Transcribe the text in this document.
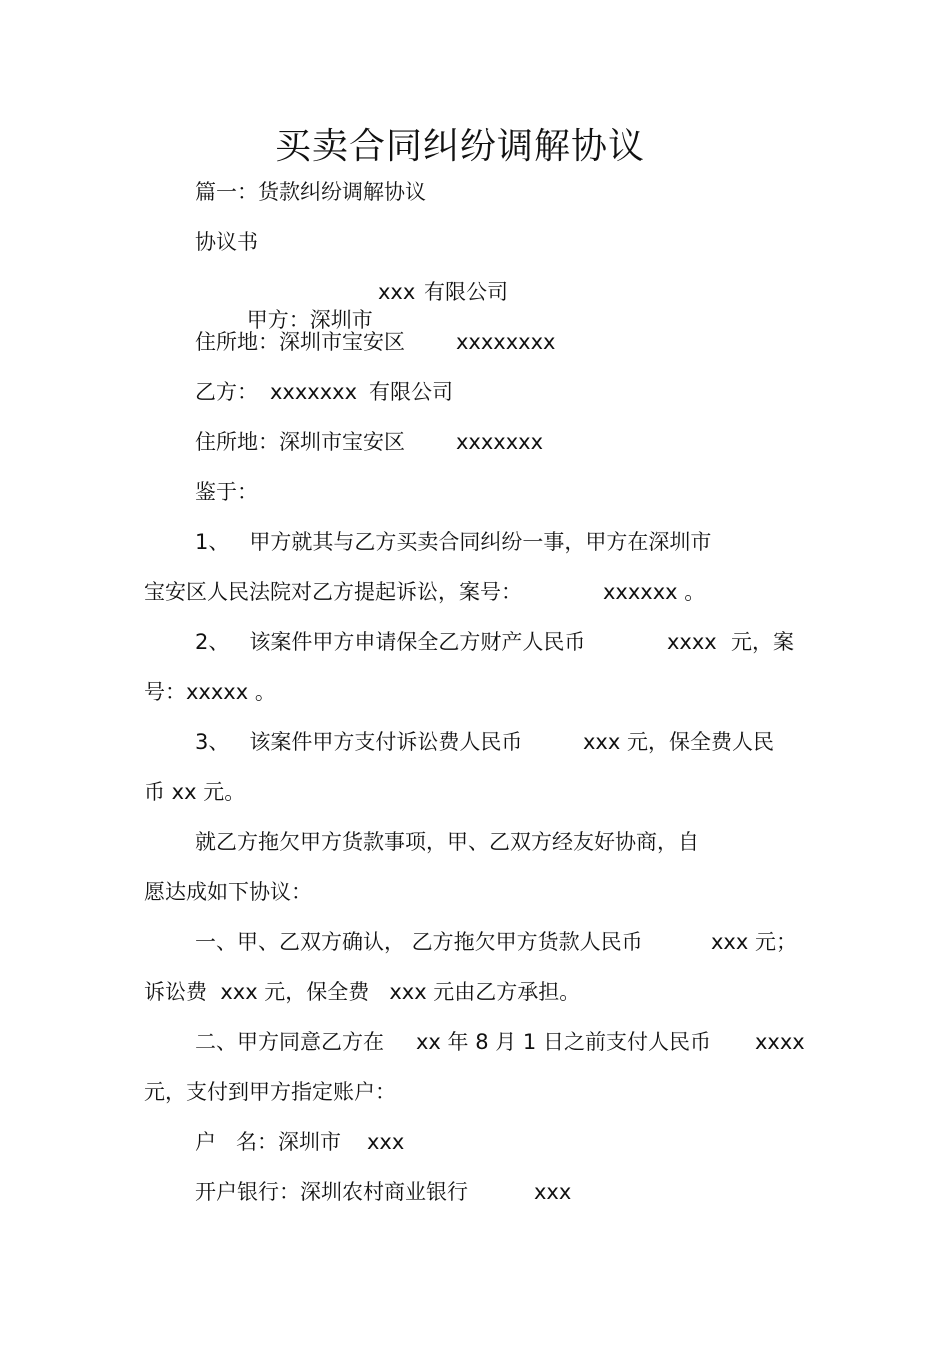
买卖合同纠纷调解协议
篇一：货款纠纷调解协议
协议书

甲方：深圳市

xxx 有限公司
住所地：深圳市宝安区 xxxxxxxx
乙方： xxxxxxx 有限公司
住所地：深圳市宝安区 xxxxxxx
鉴于：
1、   甲方就其与乙方买卖合同纠纷一事，甲方在深圳市
宝安区人民法院对乙方提起诉讼，案号：	xxxxxx 。
2、   该案件甲方申请保全乙方财产人民币	xxxx 元，案
号：xxxxx 。
3、   该案件甲方支付诉讼费人民币	xxx 元，保全费人民
币 xx 元。
就乙方拖欠甲方货款事项，甲、乙双方经友好协商，自
愿达成如下协议：
一、甲、乙双方确认， 乙方拖欠甲方货款人民币	xxx 元；
诉讼费  xxx 元，保全费   xxx 元由乙方承担。
二、甲方同意乙方在 xx 年 8 月 1 日之前支付人民币 xxxx
元，支付到甲方指定账户：
户   名：深圳市 xxx
开户银行：深圳农村商业银行	xxx
